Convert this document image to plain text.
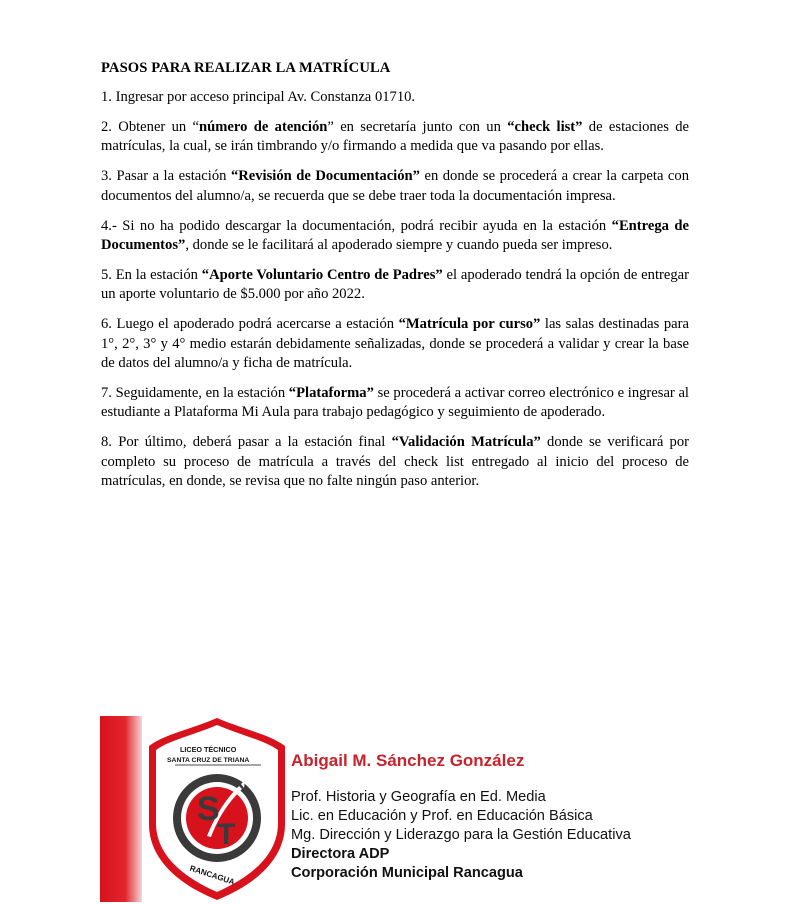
PASOS PARA REALIZAR LA MATRÍCULA

1. Ingresar por acceso principal Av. Constanza 01710.

2. Obtener un “número de atención” en secretaría junto con un “check list” de estaciones de matrículas, la cual, se irán timbrando y/o firmando a medida que va pasando por ellas.

3. Pasar a la estación “Revisión de Documentación” en donde se procederá a crear la carpeta con documentos del alumno/a, se recuerda que se debe traer toda la documentación impresa.

4.- Si no ha podido descargar la documentación, podrá recibir ayuda en la estación “Entrega de Documentos”, donde se le facilitará al apoderado siempre y cuando pueda ser impreso.

5. En la estación “Aporte Voluntario Centro de Padres” el apoderado tendrá la opción de entregar un aporte voluntario de $5.000 por año 2022.

6. Luego el apoderado podrá acercarse a estación “Matrícula por curso” las salas destinadas para 1°, 2°, 3° y 4° medio estarán debidamente señalizadas, donde se procederá a validar y crear la base de datos del alumno/a y ficha de matrícula.

7. Seguidamente, en la estación “Plataforma” se procederá a activar correo electrónico e ingresar al estudiante a Plataforma Mi Aula para trabajo pedagógico y seguimiento de apoderado.

8. Por último, deberá pasar a la estación final “Validación Matrícula” donde se verificará por completo su proceso de matrícula a través del check list entregado al inicio del proceso de matrículas, en donde, se revisa que no falte ningún paso anterior.

LICEO TÉCNICO
SANTA CRUZ DE TRIANA
S
T
RANCAGUA
Abigail M. Sánchez González
Prof. Historia y Geografía en Ed. Media
Lic. en Educación y Prof. en Educación Básica
Mg. Dirección y Liderazgo para la Gestión Educativa
Directora ADP
Corporación Municipal Rancagua
